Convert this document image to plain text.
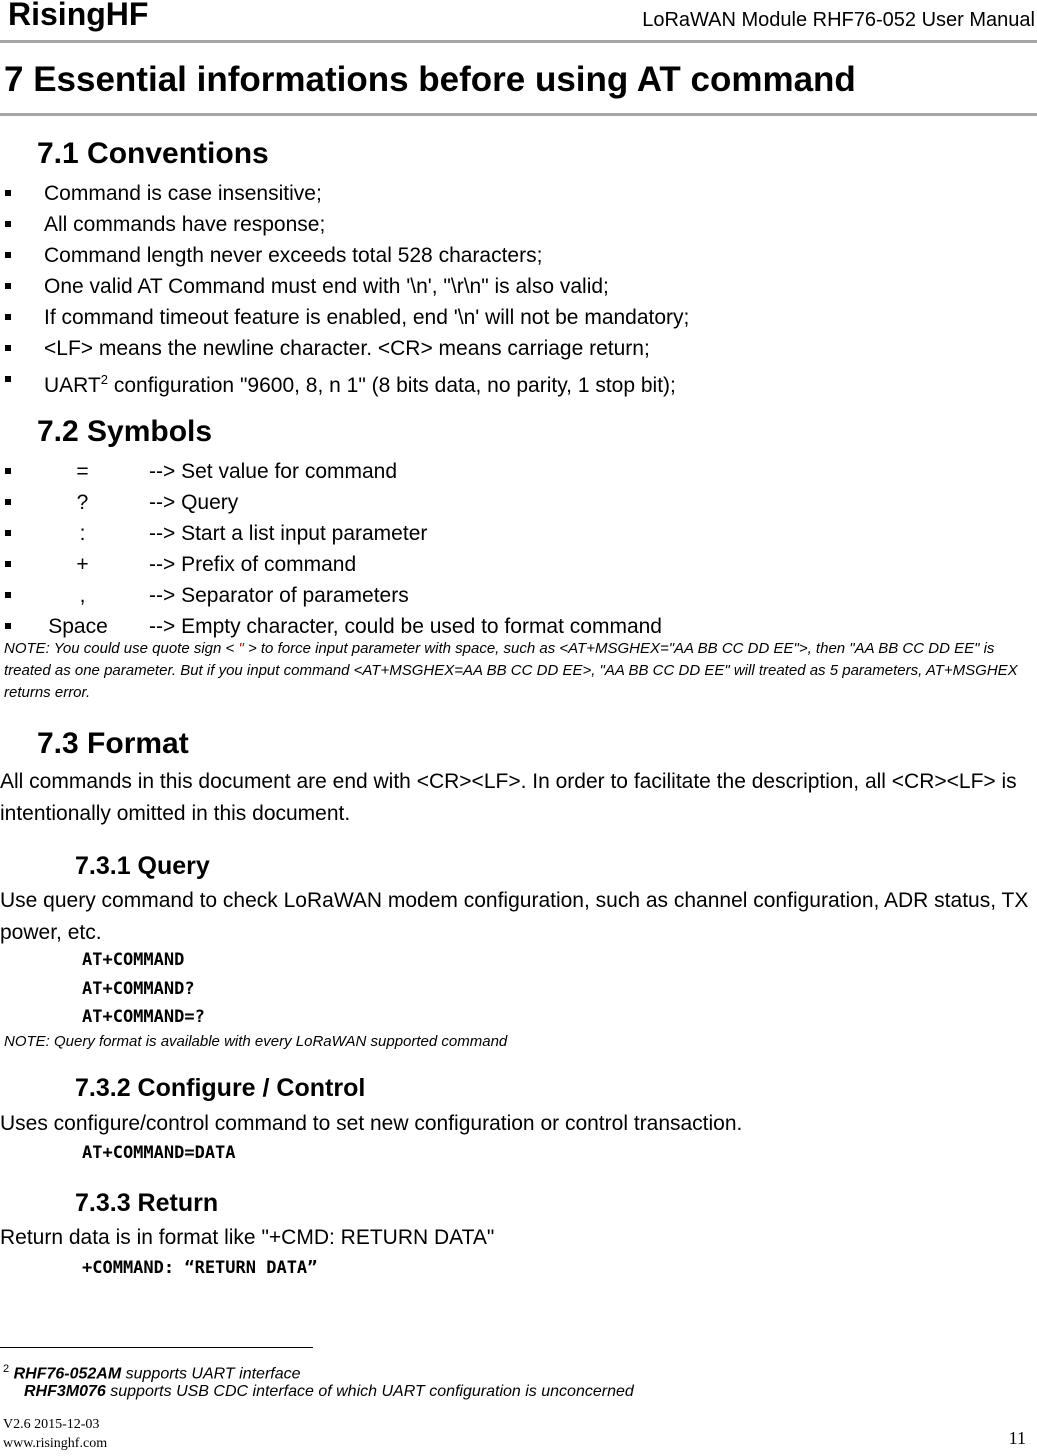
RisingHF	LoRaWAN Module RHF76-052 User Manual
7 Essential informations before using AT command
7.1 Conventions
Command is case insensitive;
All commands have response;
Command length never exceeds total 528 characters;
One valid AT Command must end with '\n', "\r\n" is also valid;
If command timeout feature is enabled, end '\n' will not be mandatory;
<LF> means the newline character. <CR> means carriage return;
UART$^2$ configuration "9600, 8, n 1" (8 bits data, no parity, 1 stop bit);
7.2 Symbols
=	--> Set value for command
?	--> Query
:	--> Start a list input parameter
+	--> Prefix of command
,	--> Separator of parameters
Space --> Empty character, could be used to format command
NOTE: You could use quote sign < " > to force input parameter with space, such as <AT+MSGHEX="AA BB CC DD EE">, then "AA BB CC DD EE" is treated as one parameter. But if you input command <AT+MSGHEX=AA BB CC DD EE>, "AA BB CC DD EE" will treated as 5 parameters, AT+MSGHEX returns error.
7.3 Format
All commands in this document are end with <CR><LF>. In order to facilitate the description, all <CR><LF> is intentionally omitted in this document.
7.3.1 Query
Use query command to check LoRaWAN modem configuration, such as channel configuration, ADR status, TX power, etc.
AT+COMMAND
AT+COMMAND?
AT+COMMAND=?
NOTE: Query format is available with every LoRaWAN supported command
7.3.2 Configure / Control
Uses configure/control command to set new configuration or control transaction.
AT+COMMAND=DATA
7.3.3 Return
Return data is in format like "+CMD: RETURN DATA"
+COMMAND: “RETURN DATA”
$^2$ RHF76-052AM supports UART interface
RHF3M076 supports USB CDC interface of which UART configuration is unconcerned
V2.6 2015-12-03
www.risinghf.com	11
